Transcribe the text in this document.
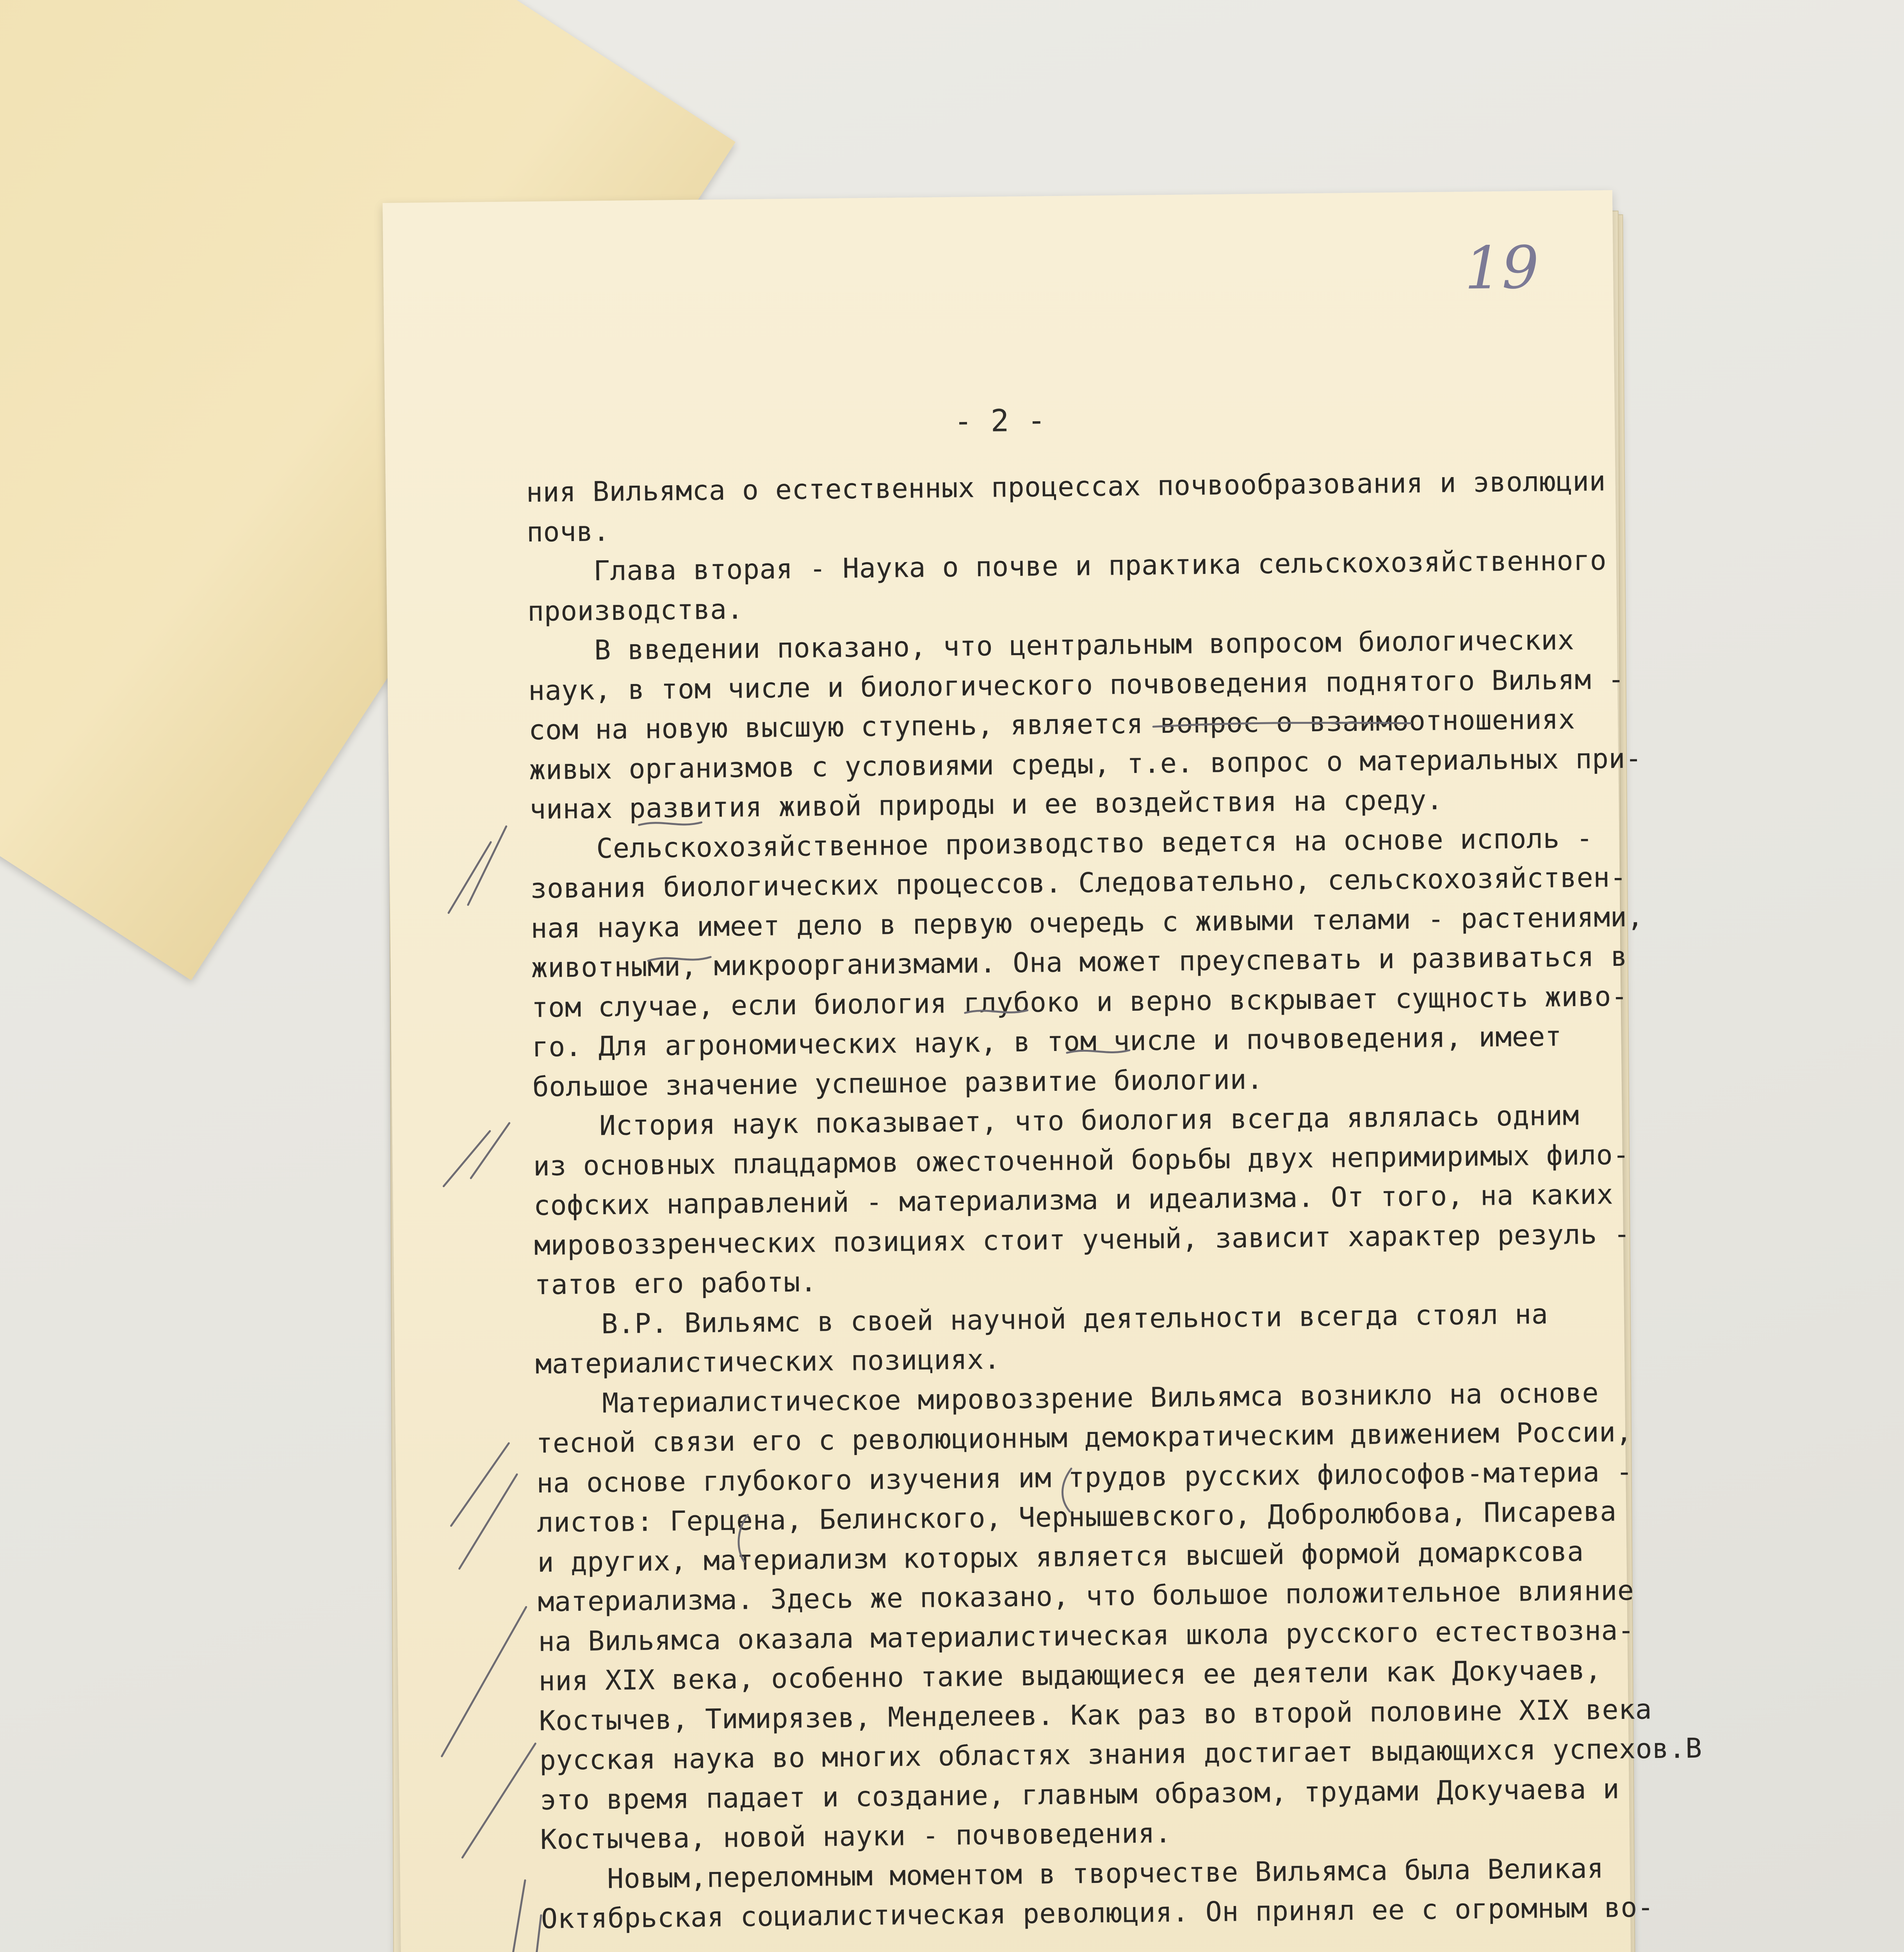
19
- 2 -
ния Вильямса о естественных процессах почвообразования и эволюции
почв.
Глава вторая - Наука о почве и практика сельскохозяйственного
производства.
В введении показано, что центральным вопросом биологических
наук, в том числе и биологического почвоведения поднятого Вильям -
сом на новую высшую ступень, является вопрос о взаимоотношениях
живых организмов с условиями среды, т.е. вопрос о материальных при-
чинах развития живой природы и ее воздействия на среду.
Сельскохозяйственное производство ведется на основе исполь -
зования биологических процессов. Следовательно, сельскохозяйствен-
ная наука имеет дело в первую очередь с живыми телами - растениями,
животными, микроорганизмами. Она может преуспевать и развиваться в
том случае, если биология глубоко и верно вскрывает сущность живо-
го. Для агрономических наук, в том числе и почвоведения, имеет
большое значение успешное развитие биологии.
История наук показывает, что биология всегда являлась одним
из основных плацдармов ожесточенной борьбы двух непримиримых фило-
софских направлений - материализма и идеализма. От того, на каких
мировоззренческих позициях стоит ученый, зависит характер резуль -
татов его работы.
В.Р. Вильямс в своей научной деятельности всегда стоял на
материалистических позициях.
Материалистическое мировоззрение Вильямса возникло на основе
тесной связи его с революционным демократическим движением России,
на основе глубокого изучения им трудов русских философов-материа -
листов: Герцена, Белинского, Чернышевского, Добролюбова, Писарева
и других, материализм которых является высшей формой домарксова
материализма. Здесь же показано, что большое положительное влияние
на Вильямса оказала материалистическая школа русского естествозна-
ния XIX века, особенно такие выдающиеся ее деятели как Докучаев,
Костычев, Тимирязев, Менделеев. Как раз во второй половине XIX века
русская наука во многих областях знания достигает выдающихся успехов.В
это время падает и создание, главным образом, трудами Докучаева и
Костычева, новой науки - почвоведения.
Новым,переломным моментом в творчестве Вильямса была Великая
Октябрьская социалистическая революция. Он принял ее с огромным во-
